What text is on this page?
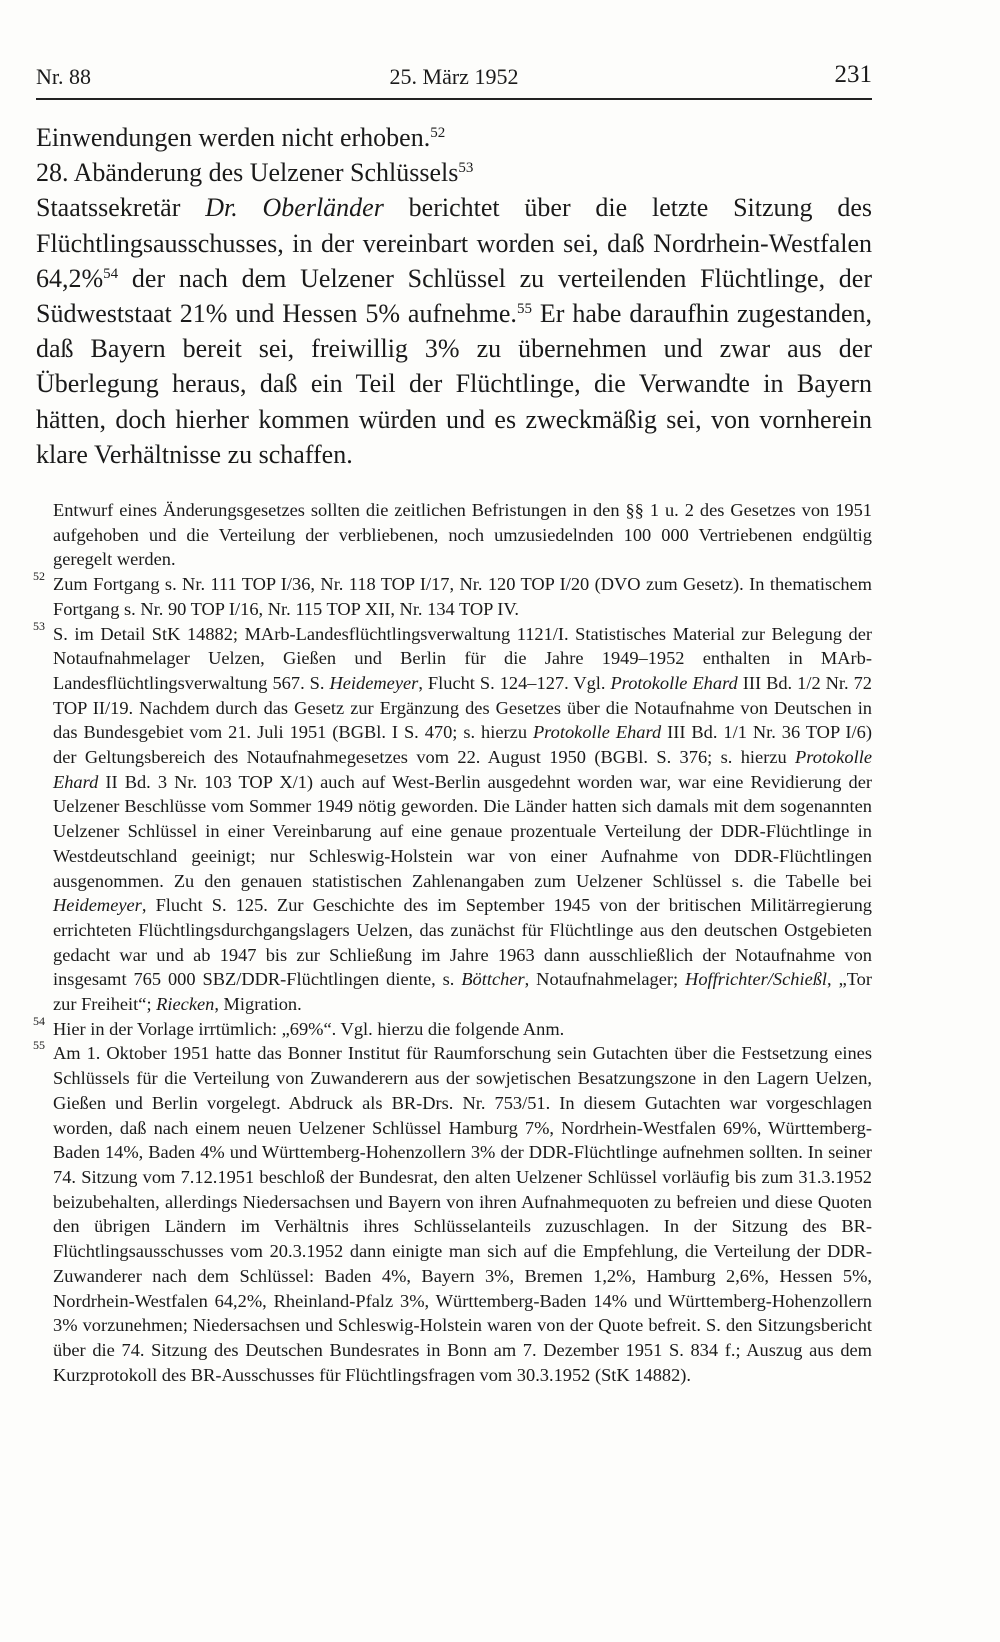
Nr. 88	25. März 1952	231

Einwendungen werden nicht erhoben.$^{52}$

28. Abänderung des Uelzener Schlüssels$^{53}$

Staatssekretär Dr. Oberländer berichtet über die letzte Sitzung des Flüchtlingsausschusses, in der vereinbart worden sei, daß Nordrhein-Westfalen 64,2%$^{54}$ der nach dem Uelzener Schlüssel zu verteilenden Flüchtlinge, der Südweststaat 21% und Hessen 5% aufnehme.$^{55}$ Er habe daraufhin zugestanden, daß Bayern bereit sei, freiwillig 3% zu übernehmen und zwar aus der Überlegung heraus, daß ein Teil der Flüchtlinge, die Verwandte in Bayern hätten, doch hierher kommen würden und es zweckmäßig sei, von vornherein klare Verhältnisse zu schaffen.

Entwurf eines Änderungsgesetzes sollten die zeitlichen Befristungen in den §§ 1 u. 2 des Gesetzes von 1951 aufgehoben und die Verteilung der verbliebenen, noch umzusiedelnden 100 000 Vertriebenen endgültig geregelt werden.

52 Zum Fortgang s. Nr. 111 TOP I/36, Nr. 118 TOP I/17, Nr. 120 TOP I/20 (DVO zum Gesetz). In thematischem Fortgang s. Nr. 90 TOP I/16, Nr. 115 TOP XII, Nr. 134 TOP IV.

53 S. im Detail StK 14882; MArb-Landesflüchtlingsverwaltung 1121/I. Statistisches Material zur Belegung der Notaufnahmelager Uelzen, Gießen und Berlin für die Jahre 1949–1952 enthalten in MArb-Landesflüchtlingsverwaltung 567. S. Heidemeyer, Flucht S. 124–127. Vgl. Protokolle Ehard III Bd. 1/2 Nr. 72 TOP II/19. Nachdem durch das Gesetz zur Ergänzung des Gesetzes über die Notaufnahme von Deutschen in das Bundesgebiet vom 21. Juli 1951 (BGBl. I S. 470; s. hierzu Protokolle Ehard III Bd. 1/1 Nr. 36 TOP I/6) der Geltungsbereich des Notaufnahmegesetzes vom 22. August 1950 (BGBl. S. 376; s. hierzu Protokolle Ehard II Bd. 3 Nr. 103 TOP X/1) auch auf West-Berlin ausgedehnt worden war, war eine Revidierung der Uelzener Beschlüsse vom Sommer 1949 nötig geworden. Die Länder hatten sich damals mit dem sogenannten Uelzener Schlüssel in einer Vereinbarung auf eine genaue prozentuale Verteilung der DDR-Flüchtlinge in Westdeutschland geeinigt; nur Schleswig-Holstein war von einer Aufnahme von DDR-Flüchtlingen ausgenommen. Zu den genauen statistischen Zahlenangaben zum Uelzener Schlüssel s. die Tabelle bei Heidemeyer, Flucht S. 125. Zur Geschichte des im September 1945 von der britischen Militärregierung errichteten Flüchtlingsdurchgangslagers Uelzen, das zunächst für Flüchtlinge aus den deutschen Ostgebieten gedacht war und ab 1947 bis zur Schließung im Jahre 1963 dann ausschließlich der Notaufnahme von insgesamt 765 000 SBZ/DDR-Flüchtlingen diente, s. Böttcher, Notaufnahmelager; Hoffrichter/Schießl, „Tor zur Freiheit“; Riecken, Migration.

54 Hier in der Vorlage irrtümlich: „69%“. Vgl. hierzu die folgende Anm.

55 Am 1. Oktober 1951 hatte das Bonner Institut für Raumforschung sein Gutachten über die Festsetzung eines Schlüssels für die Verteilung von Zuwanderern aus der sowjetischen Besatzungszone in den Lagern Uelzen, Gießen und Berlin vorgelegt. Abdruck als BR-Drs. Nr. 753/51. In diesem Gutachten war vorgeschlagen worden, daß nach einem neuen Uelzener Schlüssel Hamburg 7%, Nordrhein-Westfalen 69%, Württemberg-Baden 14%, Baden 4% und Württemberg-Hohenzollern 3% der DDR-Flüchtlinge aufnehmen sollten. In seiner 74. Sitzung vom 7.12.1951 beschloß der Bundesrat, den alten Uelzener Schlüssel vorläufig bis zum 31.3.1952 beizubehalten, allerdings Niedersachsen und Bayern von ihren Aufnahmequoten zu befreien und diese Quoten den übrigen Ländern im Verhältnis ihres Schlüsselanteils zuzuschlagen. In der Sitzung des BR-Flüchtlingsausschusses vom 20.3.1952 dann einigte man sich auf die Empfehlung, die Verteilung der DDR-Zuwanderer nach dem Schlüssel: Baden 4%, Bayern 3%, Bremen 1,2%, Hamburg 2,6%, Hessen 5%, Nordrhein-Westfalen 64,2%, Rheinland-Pfalz 3%, Württemberg-Baden 14% und Württemberg-Hohenzollern 3% vorzunehmen; Niedersachsen und Schleswig-Holstein waren von der Quote befreit. S. den Sitzungsbericht über die 74. Sitzung des Deutschen Bundesrates in Bonn am 7. Dezember 1951 S. 834 f.; Auszug aus dem Kurzprotokoll des BR-Ausschusses für Flüchtlingsfragen vom 30.3.1952 (StK 14882).
